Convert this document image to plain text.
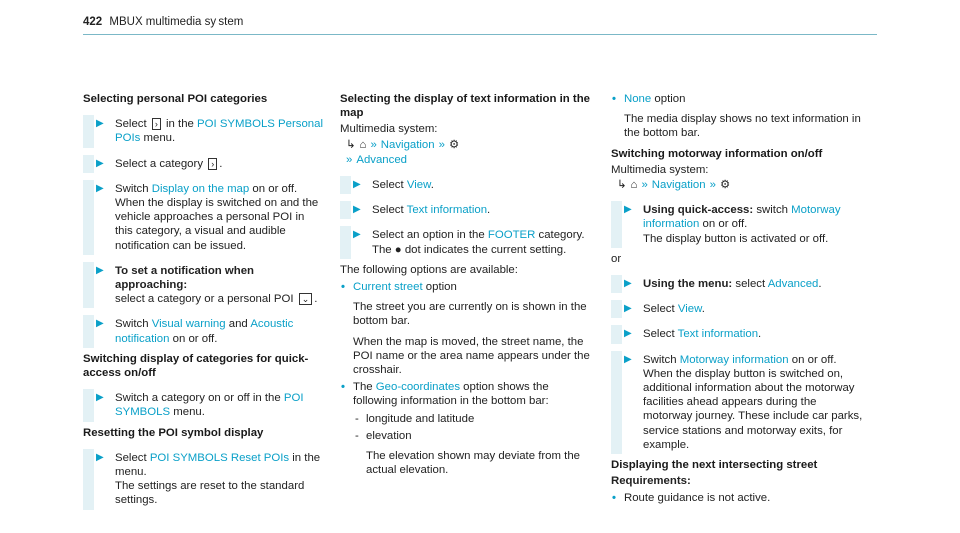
422 MBUX multimedia sy stem
Selecting personal POI categories
▶ Select › in the POI SYMBOLS Personal POIs menu.
▶ Select a category › .
▶ Switch Display on the map on or off.
When the display is switched on and the vehicle approaches a personal POI in this category, a visual and audible notification can be issued.
▶ To set a notification when approaching:
select a category or a personal POI ⌄ .
▶ Switch Visual warning and Acoustic notification on or off.
Switching display of categories for quick-access on/off
▶ Switch a category on or off in the POI SYMBOLS menu.
Resetting the POI symbol display
▶ Select POI SYMBOLS Reset POIs in the menu.
The settings are reset to the standard settings.
Selecting the display of text information in the map
Multimedia system:
↳ ⌂ » Navigation » ⚙
» Advanced
▶ Select View.
▶ Select Text information.
▶ Select an option in the FOOTER category.
The ● dot indicates the current setting.
The following options are available:
• Current street option
The street you are currently on is shown in the bottom bar.
When the map is moved, the street name, the POI name or the area name appears under the crosshair.
• The Geo-coordinates option shows the following information in the bottom bar:
- longitude and latitude
- elevation
The elevation shown may deviate from the actual elevation.
• None option
The media display shows no text information in the bottom bar.
Switching motorway information on/off
Multimedia system:
↳ ⌂ » Navigation » ⚙
▶ Using quick-access: switch Motorway information on or off.
The display button is activated or off.
or
▶ Using the menu: select Advanced.
▶ Select View.
▶ Select Text information.
▶ Switch Motorway information on or off.
When the display button is switched on, additional information about the motorway facilities ahead appears during the motorway journey. These include car parks, service stations and motorway exits, for example.
Displaying the next intersecting street
Requirements:
• Route guidance is not active.
